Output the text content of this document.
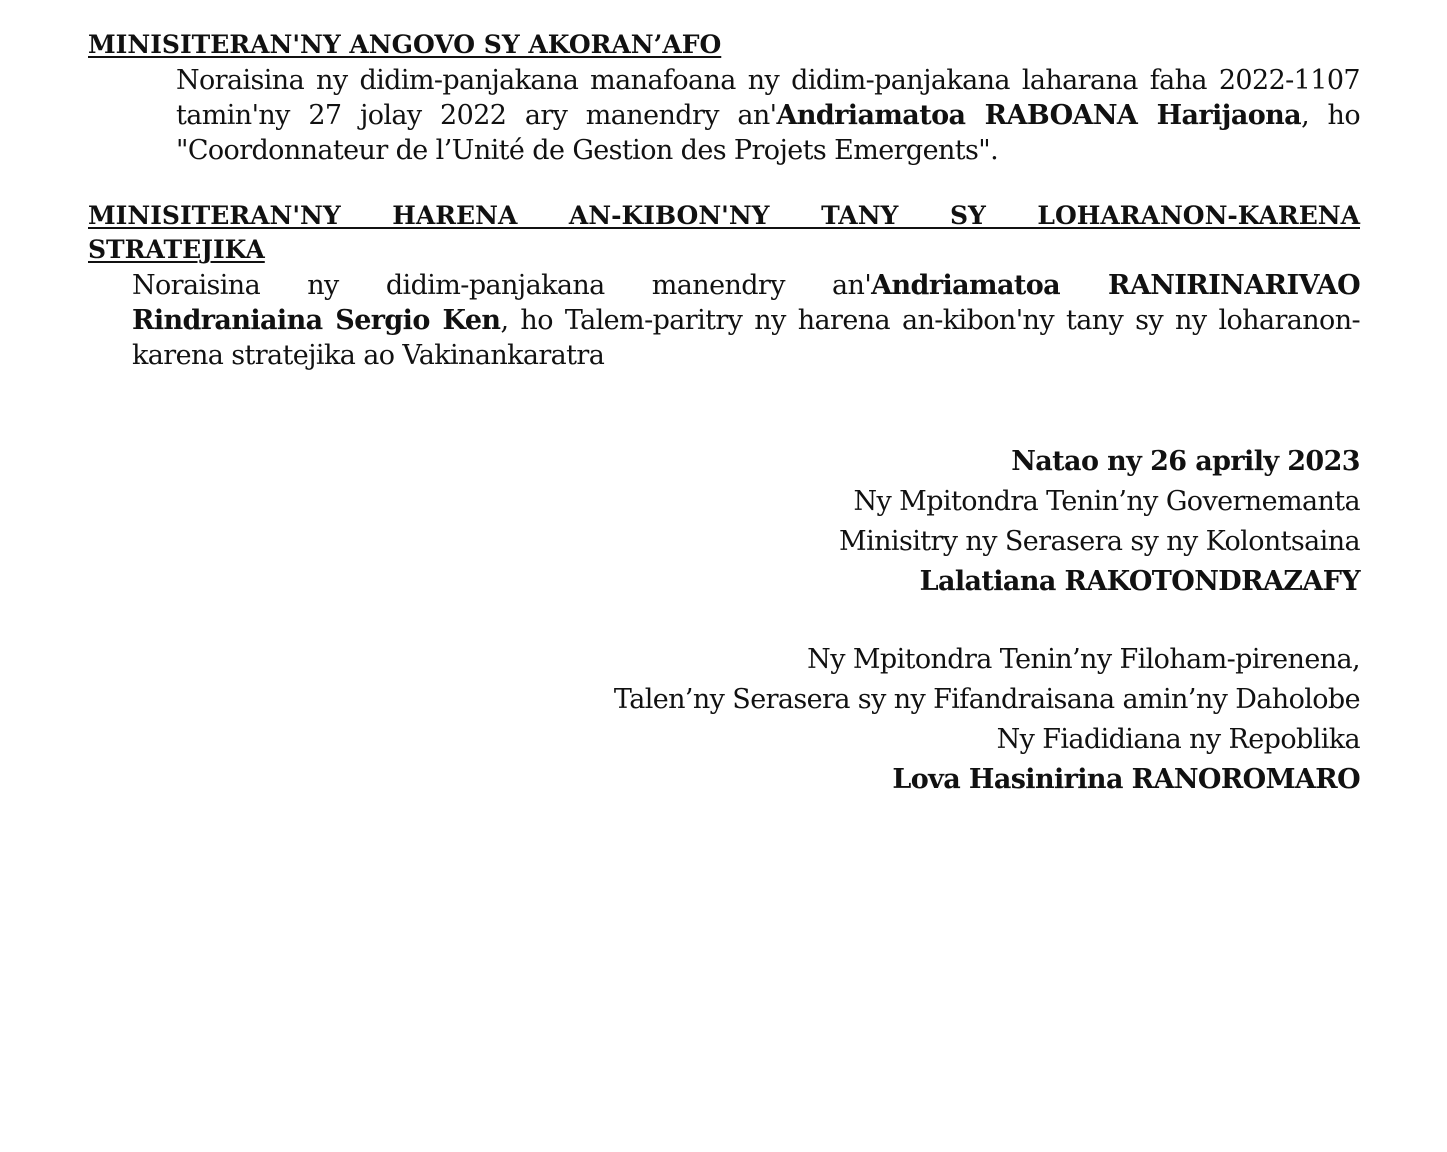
MINISITERAN'NY ANGOVO SY AKORAN’AFO

Noraisina ny didim-panjakana manafoana ny didim-panjakana laharana faha 2022-1107 tamin'ny 27 jolay 2022 ary manendry an'Andriamatoa RABOANA Harijaona, ho "Coordonnateur de l’Unité de Gestion des Projets Emergents".

MINISITERAN'NY HARENA AN-KIBON'NY TANY SY LOHARANON-KARENA
STRATEJIKA

Noraisina ny didim-panjakana manendry an'Andriamatoa RANIRINARIVAO Rindraniaina Sergio Ken, ho Talem-paritry ny harena an-kibon'ny tany sy ny loharanon-karena stratejika ao Vakinankaratra

Natao ny 26 aprily 2023
Ny Mpitondra Tenin’ny Governemanta
Minisitry ny Serasera sy ny Kolontsaina
Lalatiana RAKOTONDRAZAFY
Ny Mpitondra Tenin’ny Filoham-pirenena,
Talen’ny Serasera sy ny Fifandraisana amin’ny Daholobe
Ny Fiadidiana ny Repoblika
Lova Hasinirina RANOROMARO
